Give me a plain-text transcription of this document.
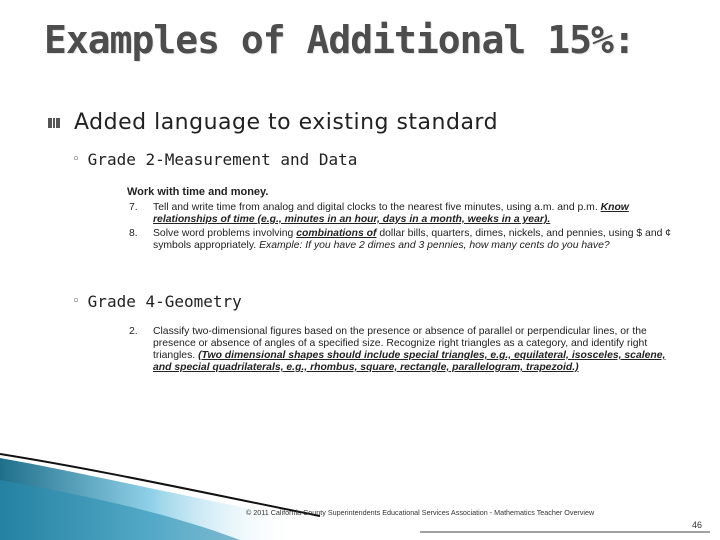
Examples of Additional 15%:
Added language to existing standard
◦ Grade 2-Measurement and Data
Work with time and money.
7.	Tell and write time from analog and digital clocks to the nearest five minutes, using a.m. and p.m. Know relationships of time (e.g., minutes in an hour, days in a month, weeks in a year).
8.	Solve word problems involving combinations of dollar bills, quarters, dimes, nickels, and pennies, using $ and ¢ symbols appropriately. Example: If you have 2 dimes and 3 pennies, how many cents do you have?
◦ Grade 4-Geometry
2.	Classify two-dimensional figures based on the presence or absence of parallel or perpendicular lines, or the presence or absence of angles of a specified size. Recognize right triangles as a category, and identify right triangles. (Two dimensional shapes should include special triangles, e.g., equilateral, isosceles, scalene, and special quadrilaterals, e.g., rhombus, square, rectangle, parallelogram, trapezoid.)
© 2011 California County Superintendents Educational Services Association - Mathematics Teacher Overview
46
